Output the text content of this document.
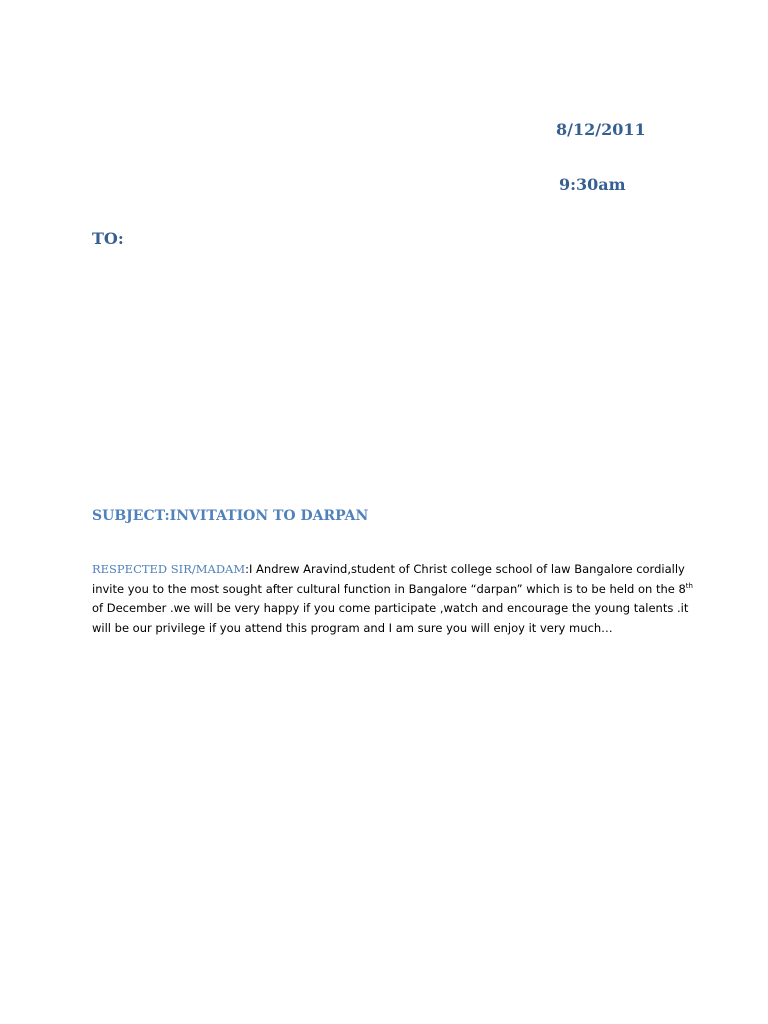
8/12/2011
9:30am
TO:
SUBJECT:INVITATION TO DARPAN
RESPECTED SIR/MADAM:I Andrew Aravind,student of Christ college school of law Bangalore cordially
invite you to the most sought after cultural function in Bangalore “darpan” which is to be held on the 8th
of December .we will be very happy if you come participate ,watch and encourage the young talents .it
will be our privilege if you attend this program and I am sure you will enjoy it very much…
